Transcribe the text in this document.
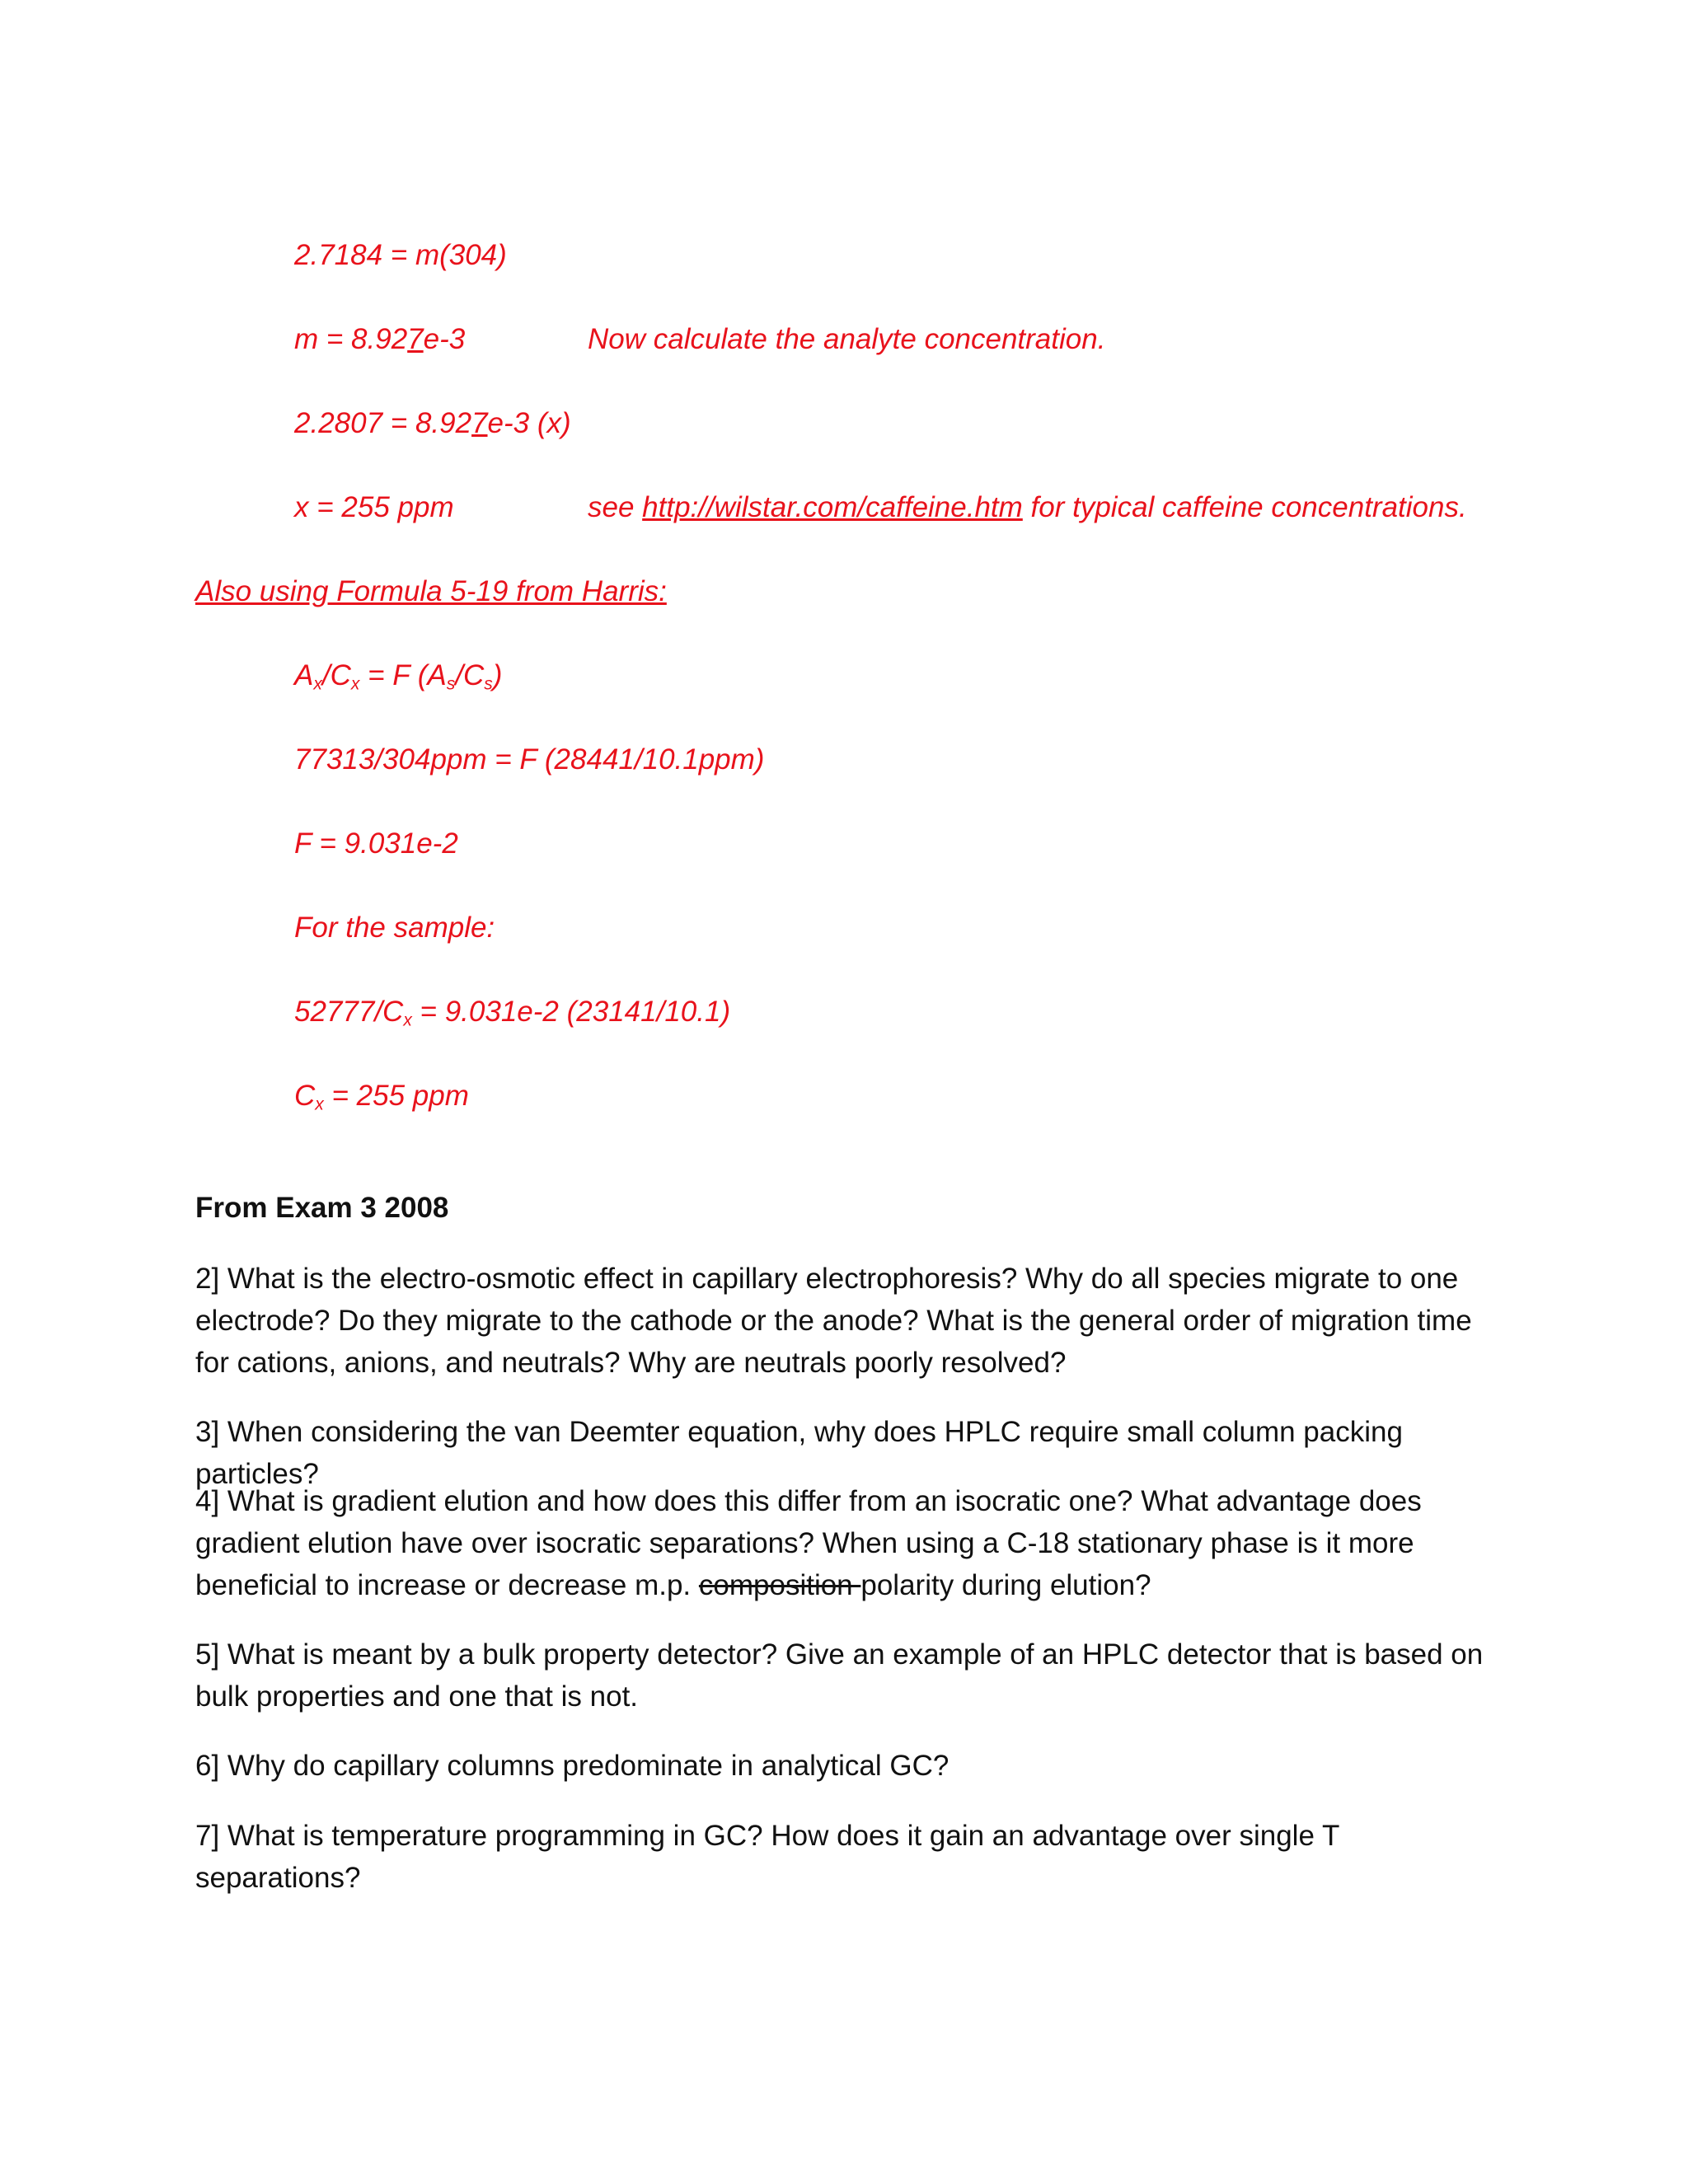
2.7184 = m(304)
m = 8.927e-3	Now calculate the analyte concentration.
2.2807 = 8.927e-3 (x)
x = 255 ppm	see http://wilstar.com/caffeine.htm for typical caffeine concentrations.
Also using Formula 5-19 from Harris:
$A_x/C_x = F$ $(A_s/C_s)$
77313/304ppm = F (28441/10.1ppm)
F = 9.031e-2
For the sample:
$52777/C_x = 9.031e-2$ (23141/10.1)
$C_x = 255$ ppm
From Exam 3 2008
2] What is the electro-osmotic effect in capillary electrophoresis? Why do all species migrate to one electrode? Do they migrate to the cathode or the anode? What is the general order of migration time for cations, anions, and neutrals? Why are neutrals poorly resolved?
3] When considering the van Deemter equation, why does HPLC require small column packing particles?
4] What is gradient elution and how does this differ from an isocratic one? What advantage does gradient elution have over isocratic separations? When using a C-18 stationary phase is it more beneficial to increase or decrease m.p. composition polarity during elution?
5] What is meant by a bulk property detector? Give an example of an HPLC detector that is based on bulk properties and one that is not.
6] Why do capillary columns predominate in analytical GC?
7] What is temperature programming in GC? How does it gain an advantage over single T separations?
